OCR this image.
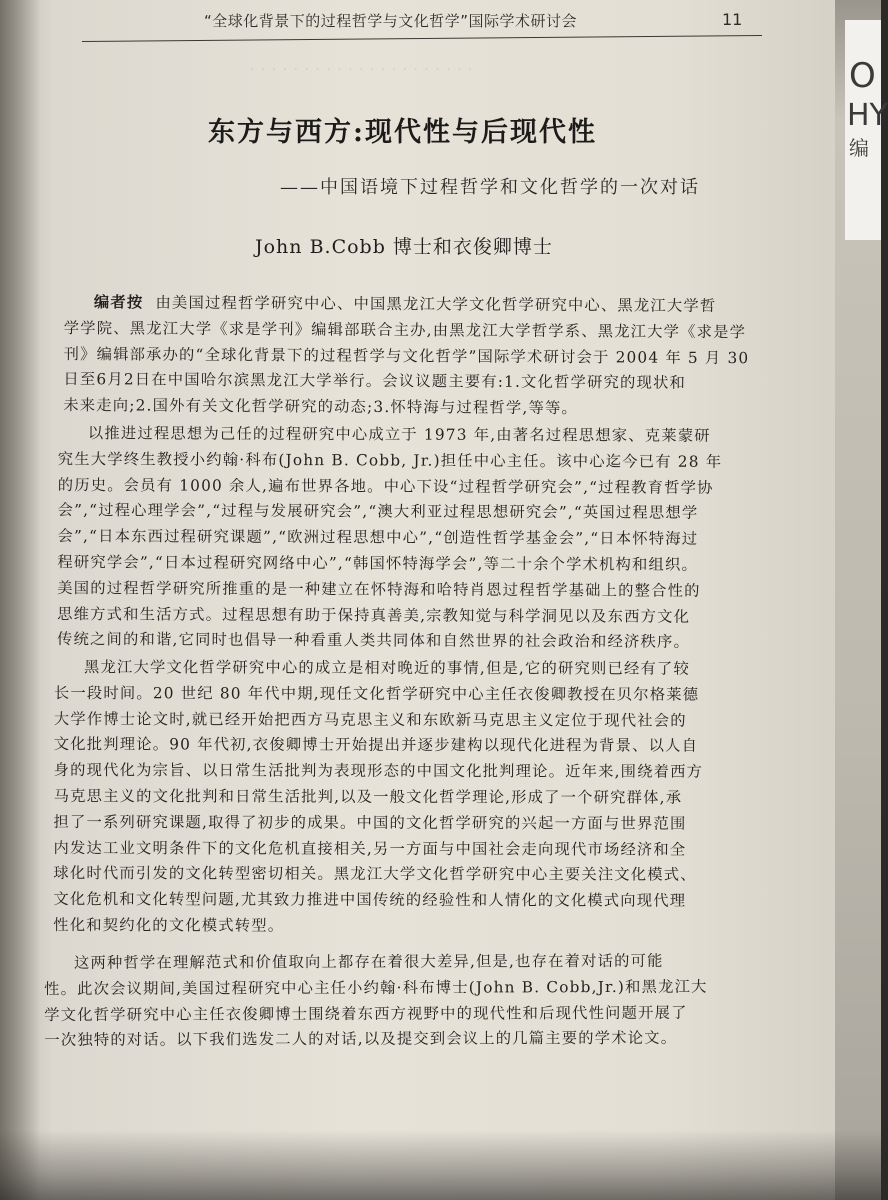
O
HY
编
· · · · · · · · · · · · · · · · · · · · ·
“全球化背景下的过程哲学与文化哲学”国际学术研讨会	11
东方与西方:现代性与后现代性
——中国语境下过程哲学和文化哲学的一次对话
John B.Cobb 博士和衣俊卿博士
编者按 由美国过程哲学研究中心、中国黑龙江大学文化哲学研究中心、黑龙江大学哲
学学院、黑龙江大学《求是学刊》编辑部联合主办,由黑龙江大学哲学系、黑龙江大学《求是学
刊》编辑部承办的“全球化背景下的过程哲学与文化哲学”国际学术研讨会于 2004 年 5 月 30
日至6月2日在中国哈尔滨黑龙江大学举行。会议议题主要有:1.文化哲学研究的现状和
未来走向;2.国外有关文化哲学研究的动态;3.怀特海与过程哲学,等等。
以推进过程思想为己任的过程研究中心成立于 1973 年,由著名过程思想家、克莱蒙研
究生大学终生教授小约翰·科布(John B. Cobb, Jr.)担任中心主任。该中心迄今已有 28 年
的历史。会员有 1000 余人,遍布世界各地。中心下设“过程哲学研究会”,“过程教育哲学协
会”,“过程心理学会”,“过程与发展研究会”,“澳大利亚过程思想研究会”,“英国过程思想学
会”,“日本东西过程研究课题”,“欧洲过程思想中心”,“创造性哲学基金会”,“日本怀特海过
程研究学会”,“日本过程研究网络中心”,“韩国怀特海学会”,等二十余个学术机构和组织。
美国的过程哲学研究所推重的是一种建立在怀特海和哈特肖恩过程哲学基础上的整合性的
思维方式和生活方式。过程思想有助于保持真善美,宗教知觉与科学洞见以及东西方文化
传统之间的和谐,它同时也倡导一种看重人类共同体和自然世界的社会政治和经济秩序。
黑龙江大学文化哲学研究中心的成立是相对晚近的事情,但是,它的研究则已经有了较
长一段时间。20 世纪 80 年代中期,现任文化哲学研究中心主任衣俊卿教授在贝尔格莱德
大学作博士论文时,就已经开始把西方马克思主义和东欧新马克思主义定位于现代社会的
文化批判理论。90 年代初,衣俊卿博士开始提出并逐步建构以现代化进程为背景、以人自
身的现代化为宗旨、以日常生活批判为表现形态的中国文化批判理论。近年来,围绕着西方
马克思主义的文化批判和日常生活批判,以及一般文化哲学理论,形成了一个研究群体,承
担了一系列研究课题,取得了初步的成果。中国的文化哲学研究的兴起一方面与世界范围
内发达工业文明条件下的文化危机直接相关,另一方面与中国社会走向现代市场经济和全
球化时代而引发的文化转型密切相关。黑龙江大学文化哲学研究中心主要关注文化模式、
文化危机和文化转型问题,尤其致力推进中国传统的经验性和人情化的文化模式向现代理
性化和契约化的文化模式转型。
这两种哲学在理解范式和价值取向上都存在着很大差异,但是,也存在着对话的可能
性。此次会议期间,美国过程研究中心主任小约翰·科布博士(John B. Cobb,Jr.)和黑龙江大
学文化哲学研究中心主任衣俊卿博士围绕着东西方视野中的现代性和后现代性问题开展了
一次独特的对话。以下我们选发二人的对话,以及提交到会议上的几篇主要的学术论文。
